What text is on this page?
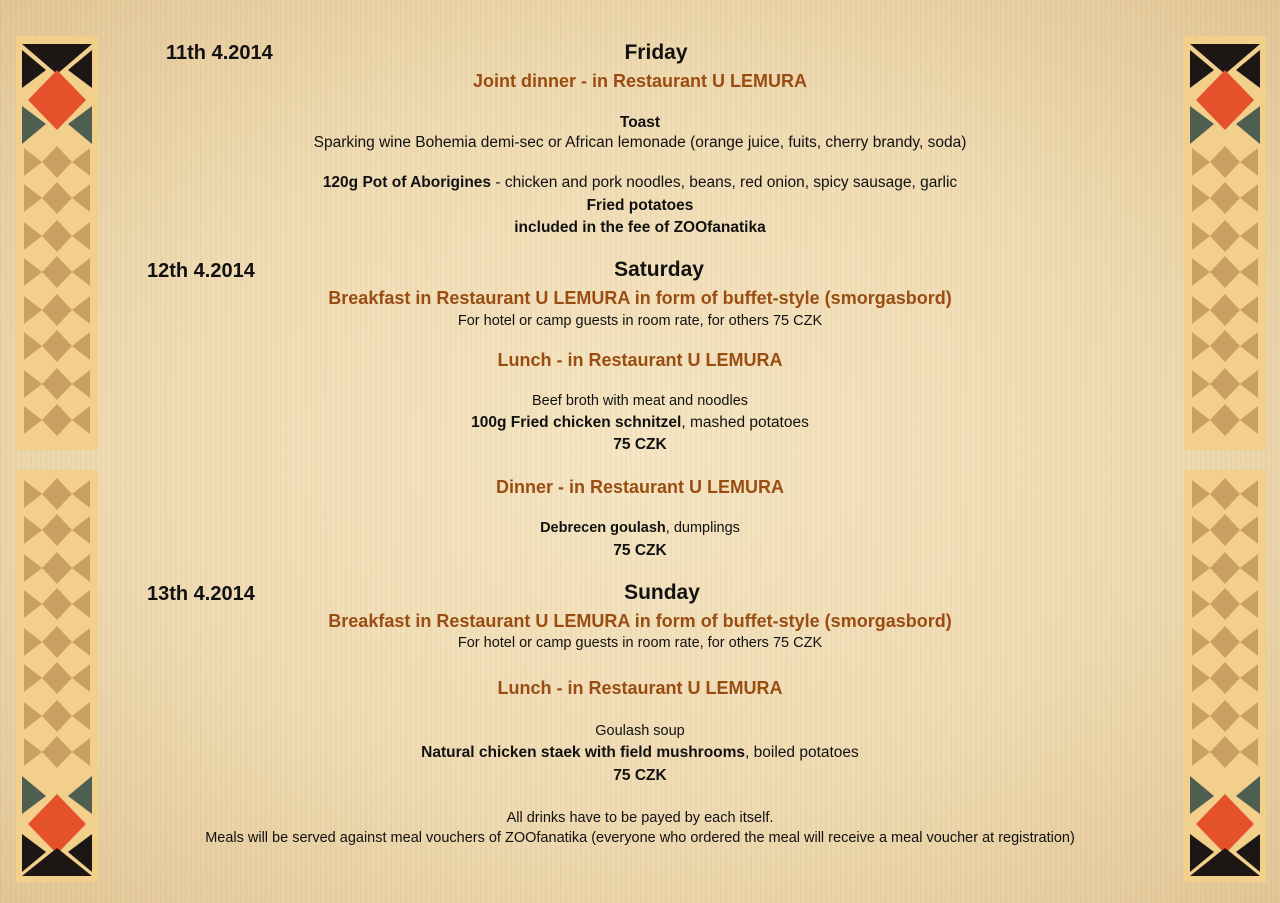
11th 4.2014	Friday
Joint dinner - in Restaurant U LEMURA
Toast
Sparking wine Bohemia demi-sec or African lemonade (orange juice, fuits, cherry brandy, soda)
120g Pot of Aborigines - chicken and pork noodles, beans, red onion, spicy sausage, garlic
Fried potatoes
included in the fee of ZOOfanatika
12th 4.2014	Saturday
Breakfast in Restaurant U LEMURA in form of buffet-style (smorgasbord)
For hotel or camp guests in room rate, for others 75 CZK
Lunch - in Restaurant U LEMURA
Beef broth with meat and noodles
100g Fried chicken schnitzel, mashed potatoes
75 CZK
Dinner - in Restaurant U LEMURA
Debrecen goulash, dumplings
75 CZK
13th 4.2014	Sunday
Breakfast in Restaurant U LEMURA in form of buffet-style (smorgasbord)
For hotel or camp guests in room rate, for others 75 CZK
Lunch - in Restaurant U LEMURA
Goulash soup
Natural chicken staek with field mushrooms, boiled potatoes
75 CZK
All drinks have to be payed by each itself.
Meals will be served against meal vouchers of ZOOfanatika (everyone who ordered the meal will receive a meal voucher at registration)
